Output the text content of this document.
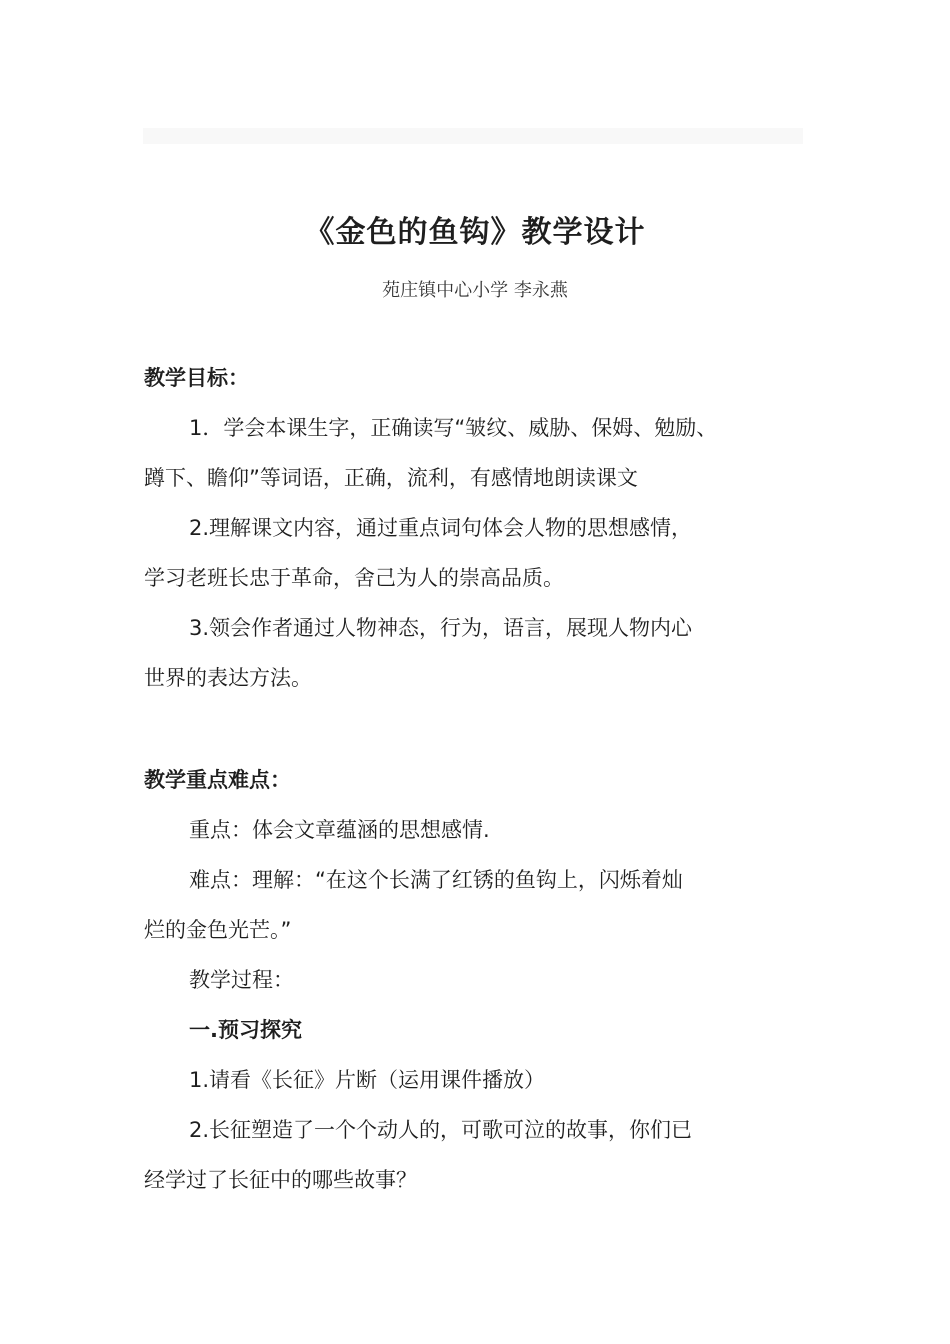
《金色的鱼钩》教学设计
苑庄镇中心小学 李永燕

教学目标：

1．学会本课生字，正确读写“皱纹、威胁、保姆、勉励、

蹲下、瞻仰”等词语，正确，流利，有感情地朗读课文

2.理解课文内容，通过重点词句体会人物的思想感情，

学习老班长忠于革命，舍己为人的崇高品质。

3.领会作者通过人物神态，行为，语言，展现人物内心

世界的表达方法。

教学重点难点：

重点：体会文章蕴涵的思想感情.

难点：理解：“在这个长满了红锈的鱼钩上，闪烁着灿

烂的金色光芒。”

教学过程：

一.预习探究

1.请看《长征》片断（运用课件播放）

2.长征塑造了一个个动人的，可歌可泣的故事，你们已

经学过了长征中的哪些故事？
